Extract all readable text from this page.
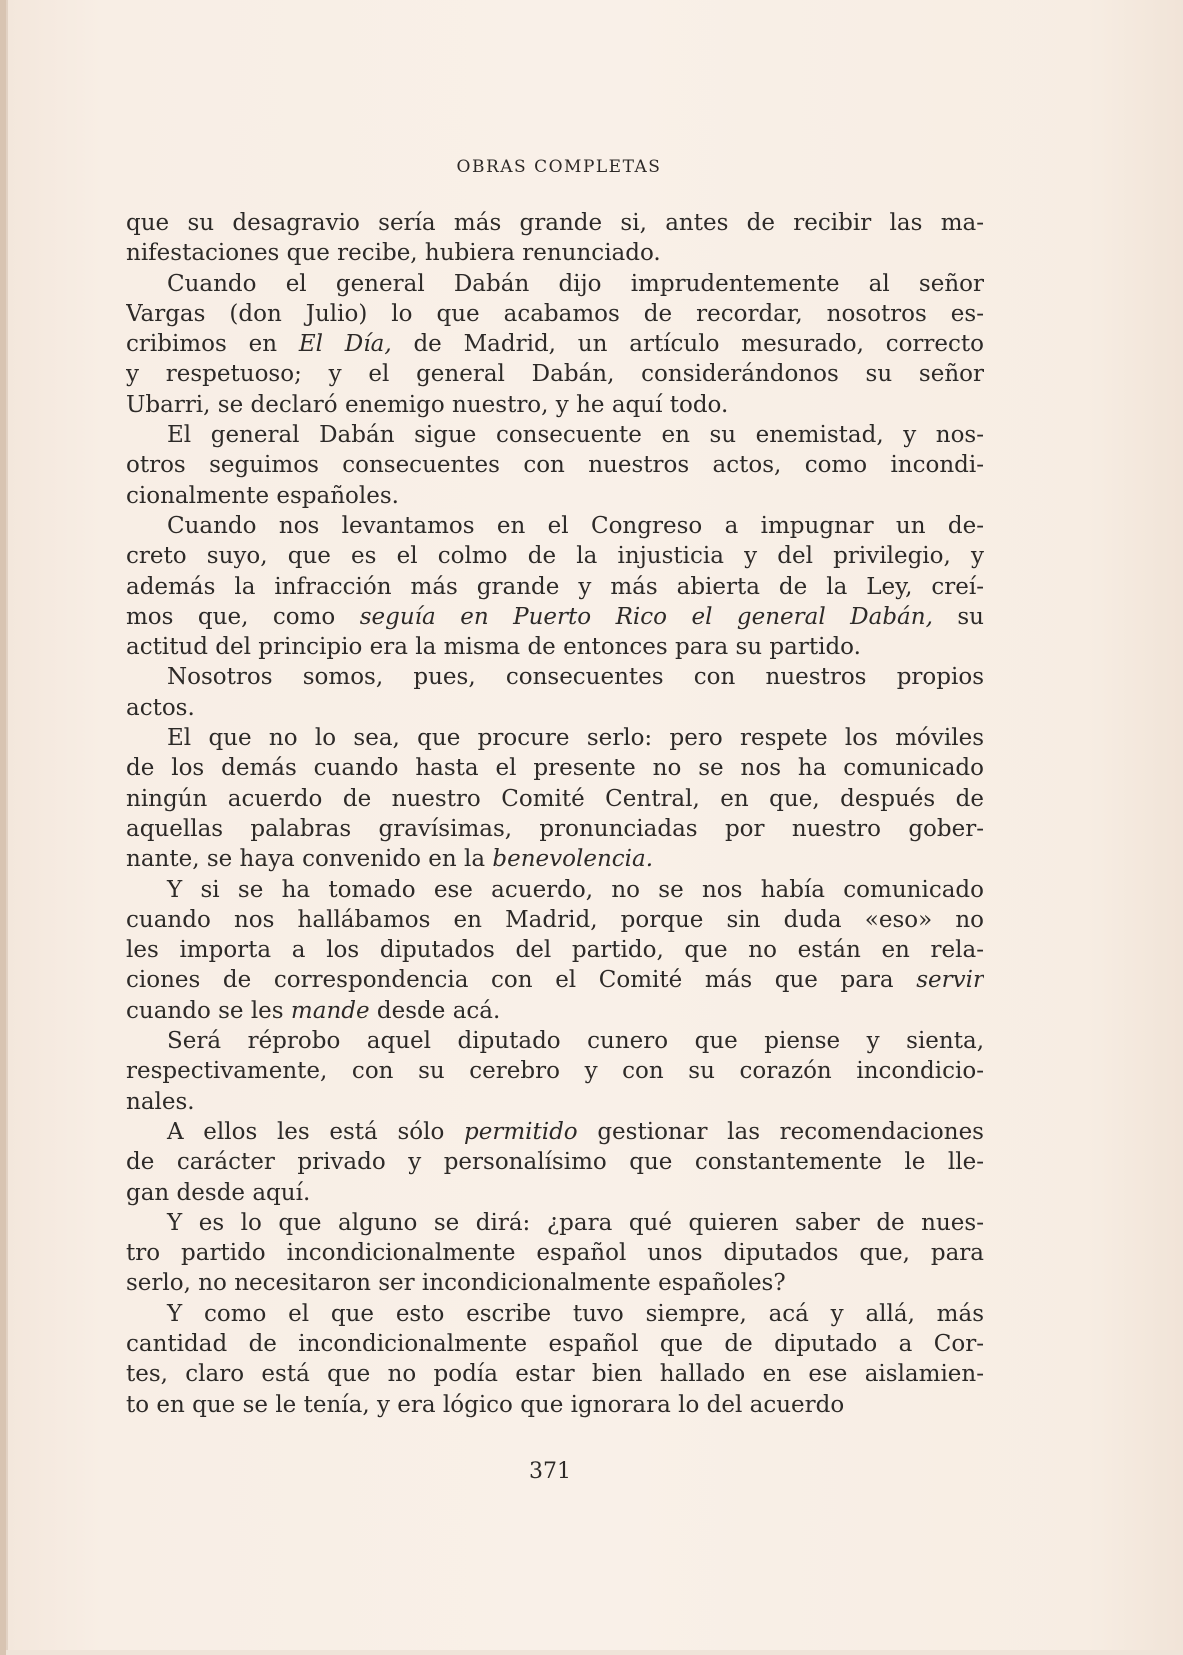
OBRAS COMPLETAS
que su desagravio sería más grande si, antes de recibir las ma-
nifestaciones que recibe, hubiera renunciado.
Cuando el general Dabán dijo imprudentemente al señor
Vargas (don Julio) lo que acabamos de recordar, nosotros es-
cribimos en El Día, de Madrid, un artículo mesurado, correcto
y respetuoso; y el general Dabán, considerándonos su señor
Ubarri, se declaró enemigo nuestro, y he aquí todo.
El general Dabán sigue consecuente en su enemistad, y nos-
otros seguimos consecuentes con nuestros actos, como incondi-
cionalmente españoles.
Cuando nos levantamos en el Congreso a impugnar un de-
creto suyo, que es el colmo de la injusticia y del privilegio, y
además la infracción más grande y más abierta de la Ley, creí-
mos que, como seguía en Puerto Rico el general Dabán, su
actitud del principio era la misma de entonces para su partido.
Nosotros somos, pues, consecuentes con nuestros propios
actos.
El que no lo sea, que procure serlo: pero respete los móviles
de los demás cuando hasta el presente no se nos ha comunicado
ningún acuerdo de nuestro Comité Central, en que, después de
aquellas palabras gravísimas, pronunciadas por nuestro gober-
nante, se haya convenido en la benevolencia.
Y si se ha tomado ese acuerdo, no se nos había comunicado
cuando nos hallábamos en Madrid, porque sin duda «eso» no
les importa a los diputados del partido, que no están en rela-
ciones de correspondencia con el Comité más que para servir
cuando se les mande desde acá.
Será réprobo aquel diputado cunero que piense y sienta,
respectivamente, con su cerebro y con su corazón incondicio-
nales.
A ellos les está sólo permitido gestionar las recomendaciones
de carácter privado y personalísimo que constantemente le lle-
gan desde aquí.
Y es lo que alguno se dirá: ¿para qué quieren saber de nues-
tro partido incondicionalmente español unos diputados que, para
serlo, no necesitaron ser incondicionalmente españoles?
Y como el que esto escribe tuvo siempre, acá y allá, más
cantidad de incondicionalmente español que de diputado a Cor-
tes, claro está que no podía estar bien hallado en ese aislamien-
to en que se le tenía, y era lógico que ignorara lo del acuerdo
371
